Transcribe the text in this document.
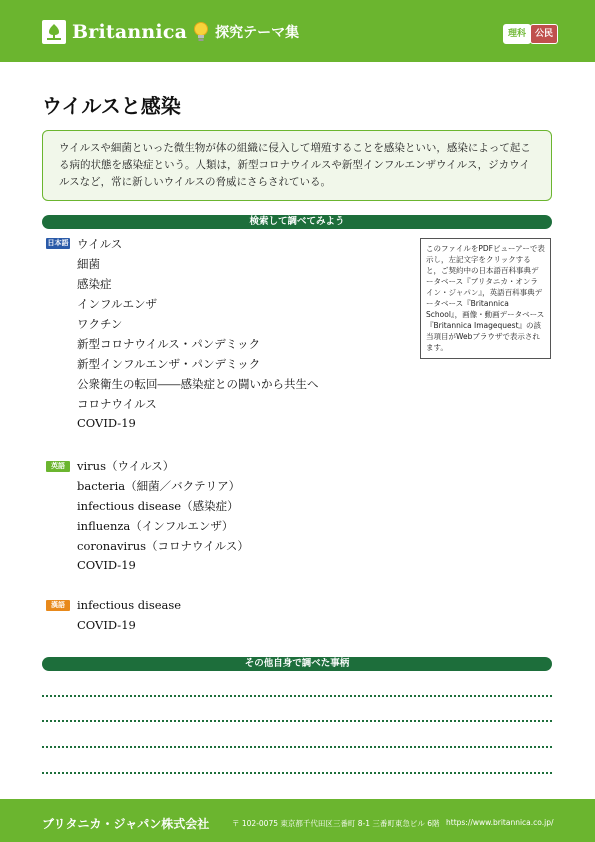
Britannica 探究テーマ集	理科 公民
ウイルスと感染
ウイルスや細菌といった微生物が体の組織に侵入して増殖することを感染といい，感染によって起こる病的状態を感染症という。人類は，新型コロナウイルスや新型インフルエンザウイルス，ジカウイルスなど，常に新しいウイルスの脅威にさらされている。
検索して調べてみよう
日本語 ウイルス
細菌
感染症
インフルエンザ
ワクチン
新型コロナウイルス・パンデミック
新型インフルエンザ・パンデミック
公衆衛生の転回――感染症との闘いから共生へ
コロナウイルス
COVID-19
英語	virus（ウイルス）
bacteria（細菌／バクテリア）
infectious disease（感染症）
influenza（インフルエンザ）
coronavirus（コロナウイルス）
COVID-19
漢語	infectious disease
COVID-19
このファイルをPDFビューアーで表示し，左記文字をクリックすると，ご契約中の日本語百科事典データベース『ブリタニカ・オンライン・ジャパン』，英語百科事典データベース『Britannica School』，画像・動画データベース『Britannica Imagequest』の該当項目がWebブラウザで表示されます。
その他自身で調べた事柄
ブリタニカ・ジャパン株式会社	〒 102-0075 東京都千代田区三番町 8-1 三番町東急ビル 6階 https://www.britannica.co.jp/
